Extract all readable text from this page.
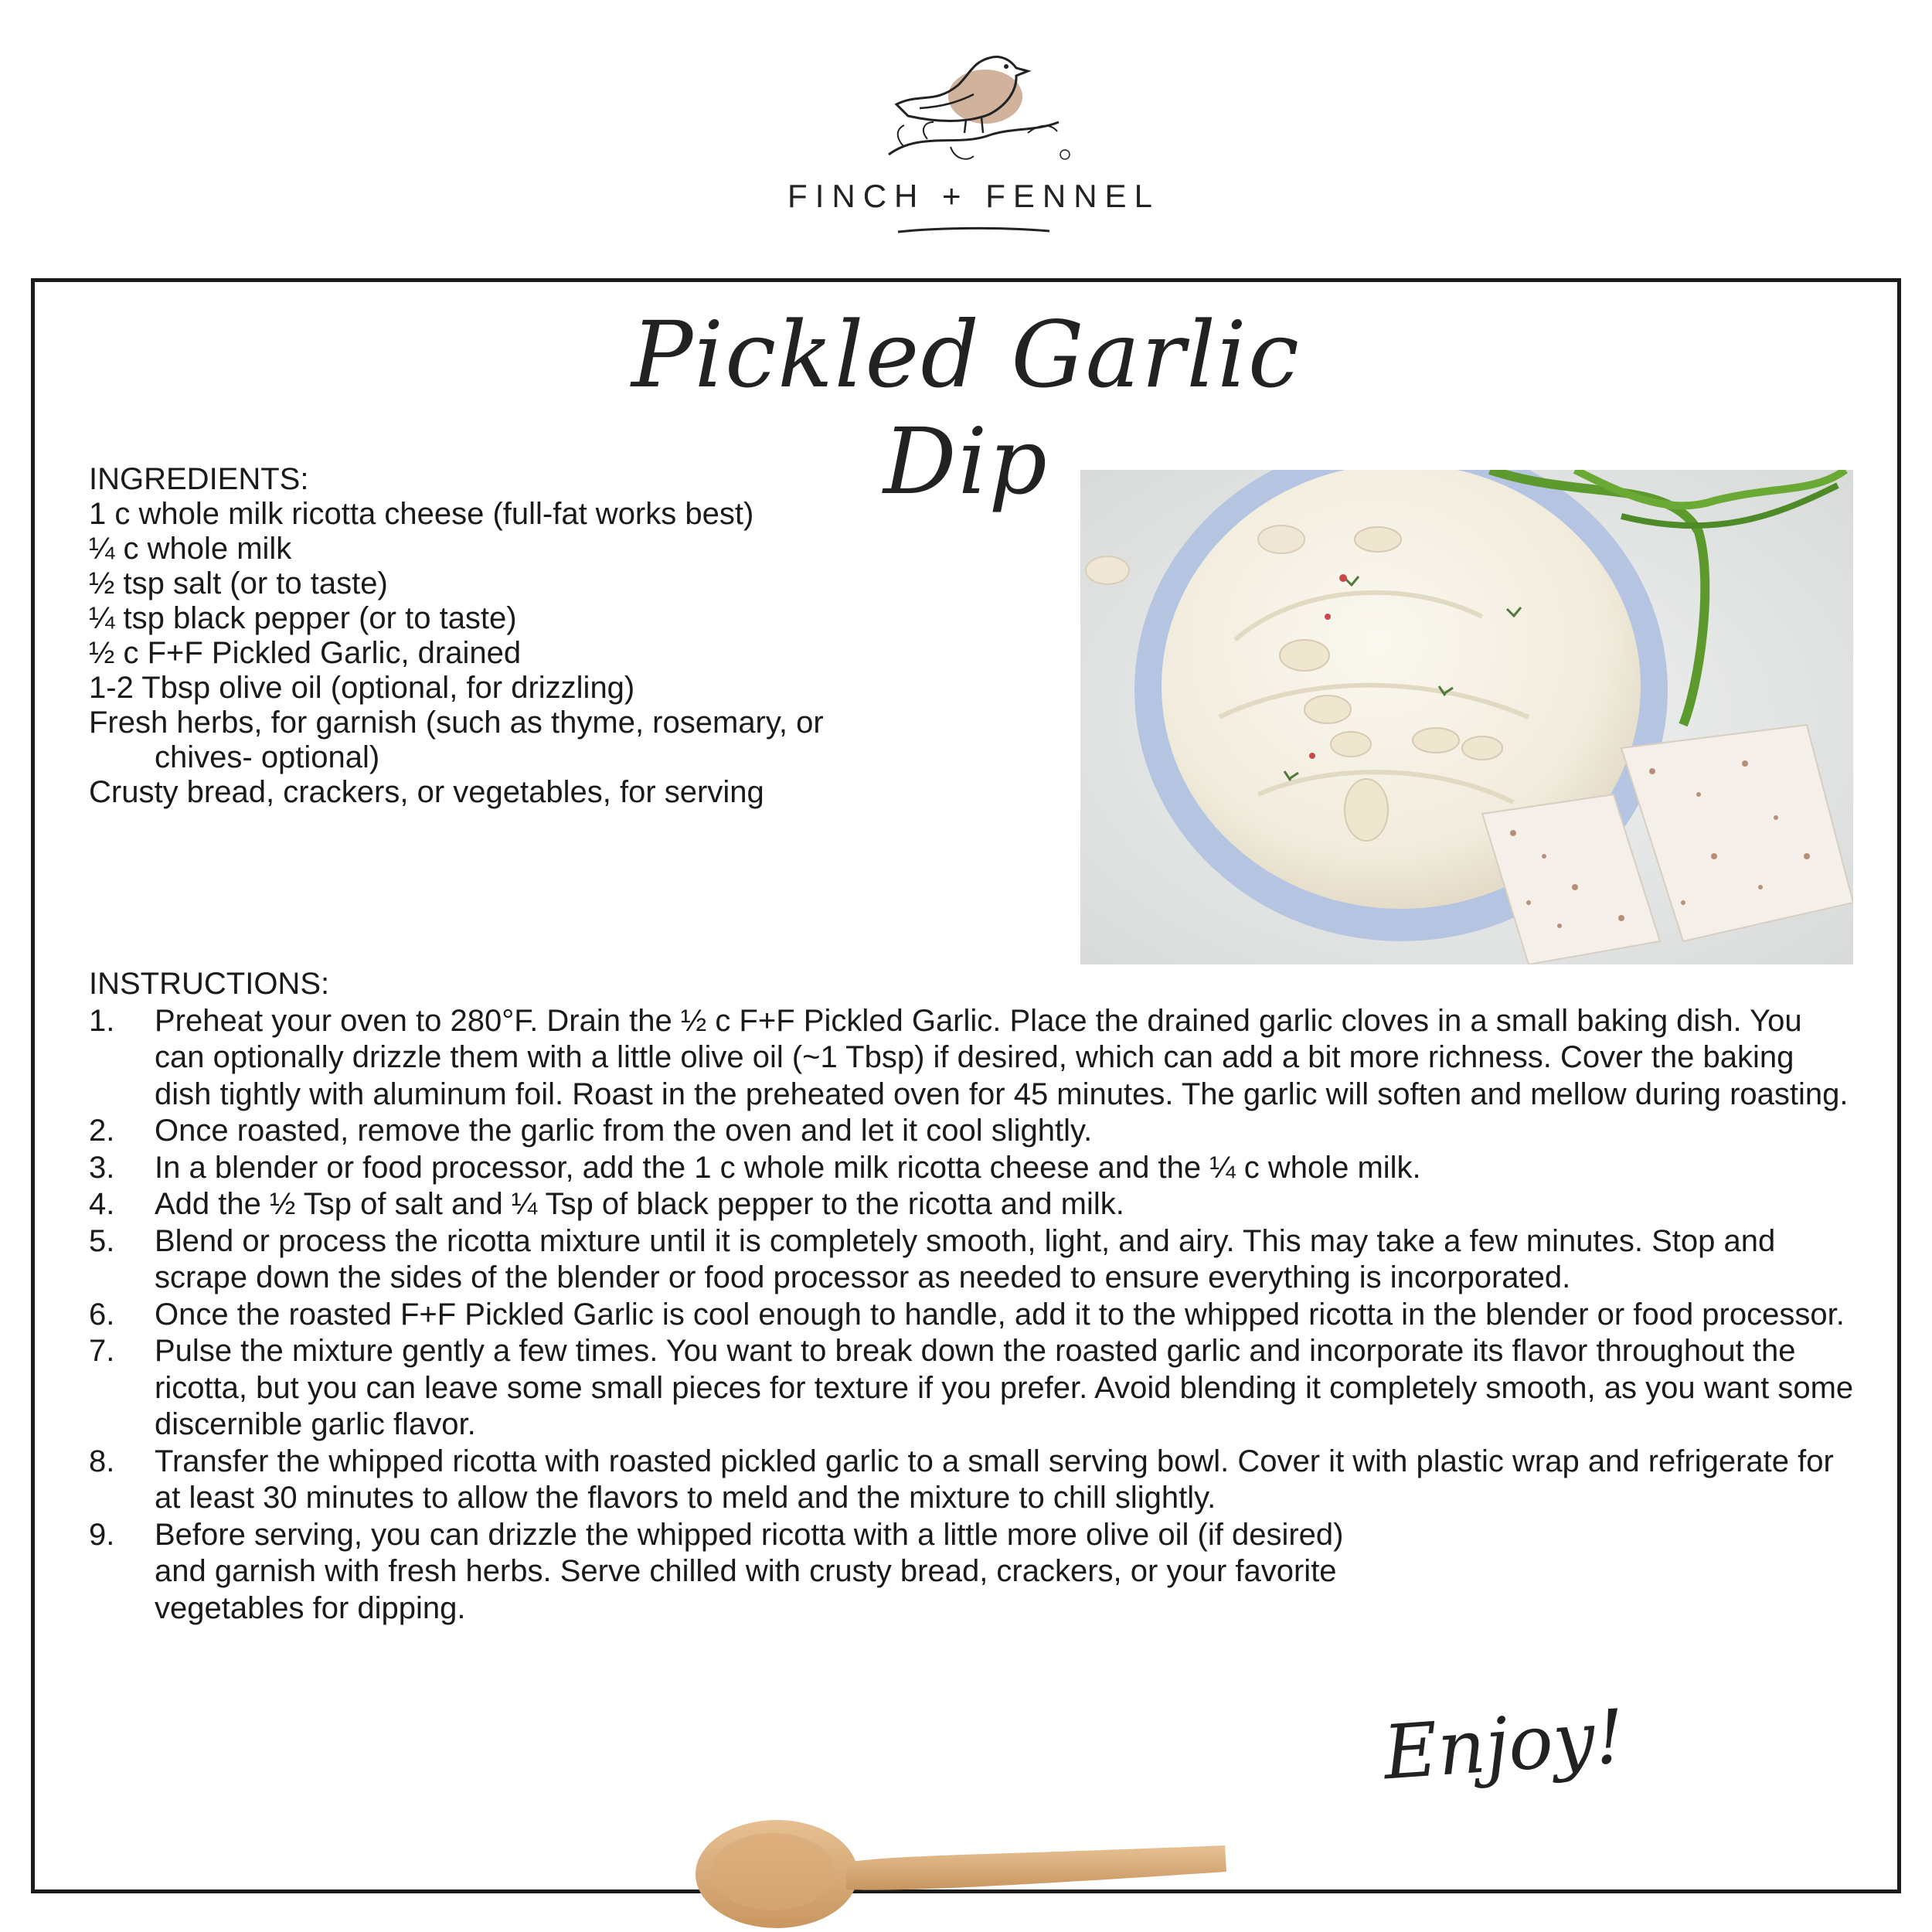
FINCH + FENNEL
Pickled Garlic Dip
INGREDIENTS:
1 c whole milk ricotta cheese (full-fat works best)
¼ c whole milk
½ tsp salt (or to taste)
¼ tsp black pepper (or to taste)
½ c F+F Pickled Garlic, drained
1-2 Tbsp olive oil (optional, for drizzling)
Fresh herbs, for garnish (such as thyme, rosemary, or
chives- optional)
Crusty bread, crackers, or vegetables, for serving
INSTRUCTIONS:
1.	Preheat your oven to 280°F. Drain the ½ c F+F Pickled Garlic. Place the drained garlic cloves in a small baking dish. You can optionally drizzle them with a little olive oil (~1 Tbsp) if desired, which can add a bit more richness. Cover the baking dish tightly with aluminum foil. Roast in the preheated oven for 45 minutes. The garlic will soften and mellow during roasting.
2.	Once roasted, remove the garlic from the oven and let it cool slightly.
3.	In a blender or food processor, add the 1 c whole milk ricotta cheese and the ¼ c whole milk.
4.	Add the ½ Tsp of salt and ¼ Tsp of black pepper to the ricotta and milk.
5.	Blend or process the ricotta mixture until it is completely smooth, light, and airy. This may take a few minutes. Stop and scrape down the sides of the blender or food processor as needed to ensure everything is incorporated.
6.	Once the roasted F+F Pickled Garlic is cool enough to handle, add it to the whipped ricotta in the blender or food processor.
7.	Pulse the mixture gently a few times. You want to break down the roasted garlic and incorporate its flavor throughout the ricotta, but you can leave some small pieces for texture if you prefer. Avoid blending it completely smooth, as you want some discernible garlic flavor.
8.	Transfer the whipped ricotta with roasted pickled garlic to a small serving bowl. Cover it with plastic wrap and refrigerate for at least 30 minutes to allow the flavors to meld and the mixture to chill slightly.
9.	Before serving, you can drizzle the whipped ricotta with a little more olive oil (if desired) and garnish with fresh herbs. Serve chilled with crusty bread, crackers, or your favorite vegetables for dipping.
Enjoy!
